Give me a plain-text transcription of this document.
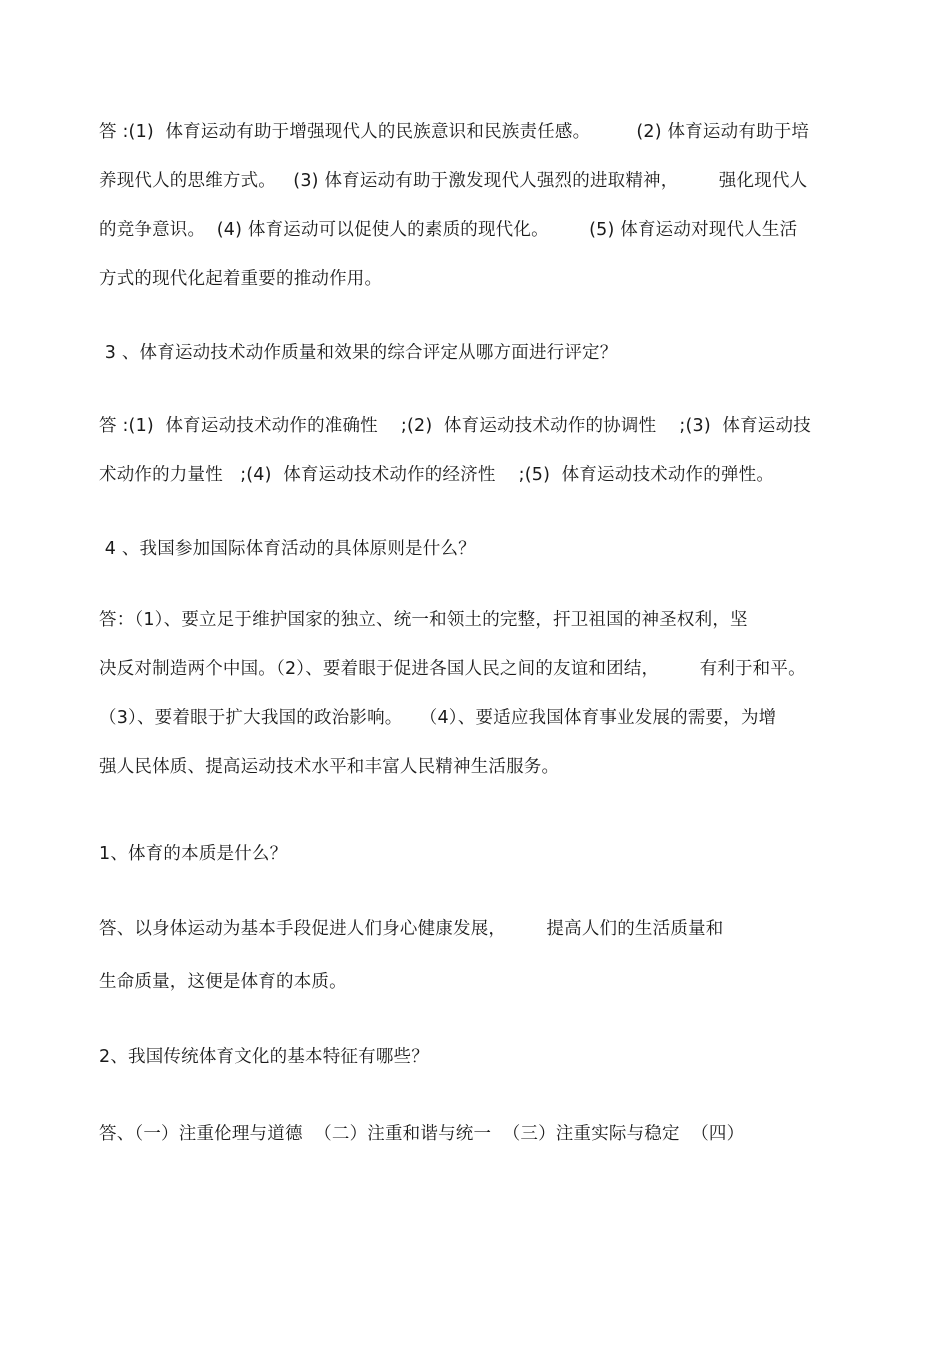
答 :(1)  体育运动有助于增强现代人的民族意识和民族责任感。        (2) 体育运动有助于培
养现代人的思维方式。   (3) 体育运动有助于激发现代人强烈的进取精神，       强化现代人
的竞争意识。  (4) 体育运动可以促使人的素质的现代化。       (5) 体育运动对现代人生活
方式的现代化起着重要的推动作用。
3 、体育运动技术动作质量和效果的综合评定从哪方面进行评定？
答 :(1)  体育运动技术动作的准确性    ;(2)  体育运动技术动作的协调性    ;(3)  体育运动技
术动作的力量性   ;(4)  体育运动技术动作的经济性    ;(5)  体育运动技术动作的弹性。
4 、我国参加国际体育活动的具体原则是什么？
答：（1）、要立足于维护国家的独立、统一和领土的完整，扞卫祖国的神圣权利，坚
决反对制造两个中国。（2）、要着眼于促进各国人民之间的友谊和团结，       有利于和平。
（3）、要着眼于扩大我国的政治影响。   （4）、要适应我国体育事业发展的需要，为增
强人民体质、提高运动技术水平和丰富人民精神生活服务。
1、体育的本质是什么？
答、以身体运动为基本手段促进人们身心健康发展，       提高人们的生活质量和
生命质量，这便是体育的本质。
2、我国传统体育文化的基本特征有哪些？
答、（一）注重伦理与道德  （二）注重和谐与统一  （三）注重实际与稳定  （四）
